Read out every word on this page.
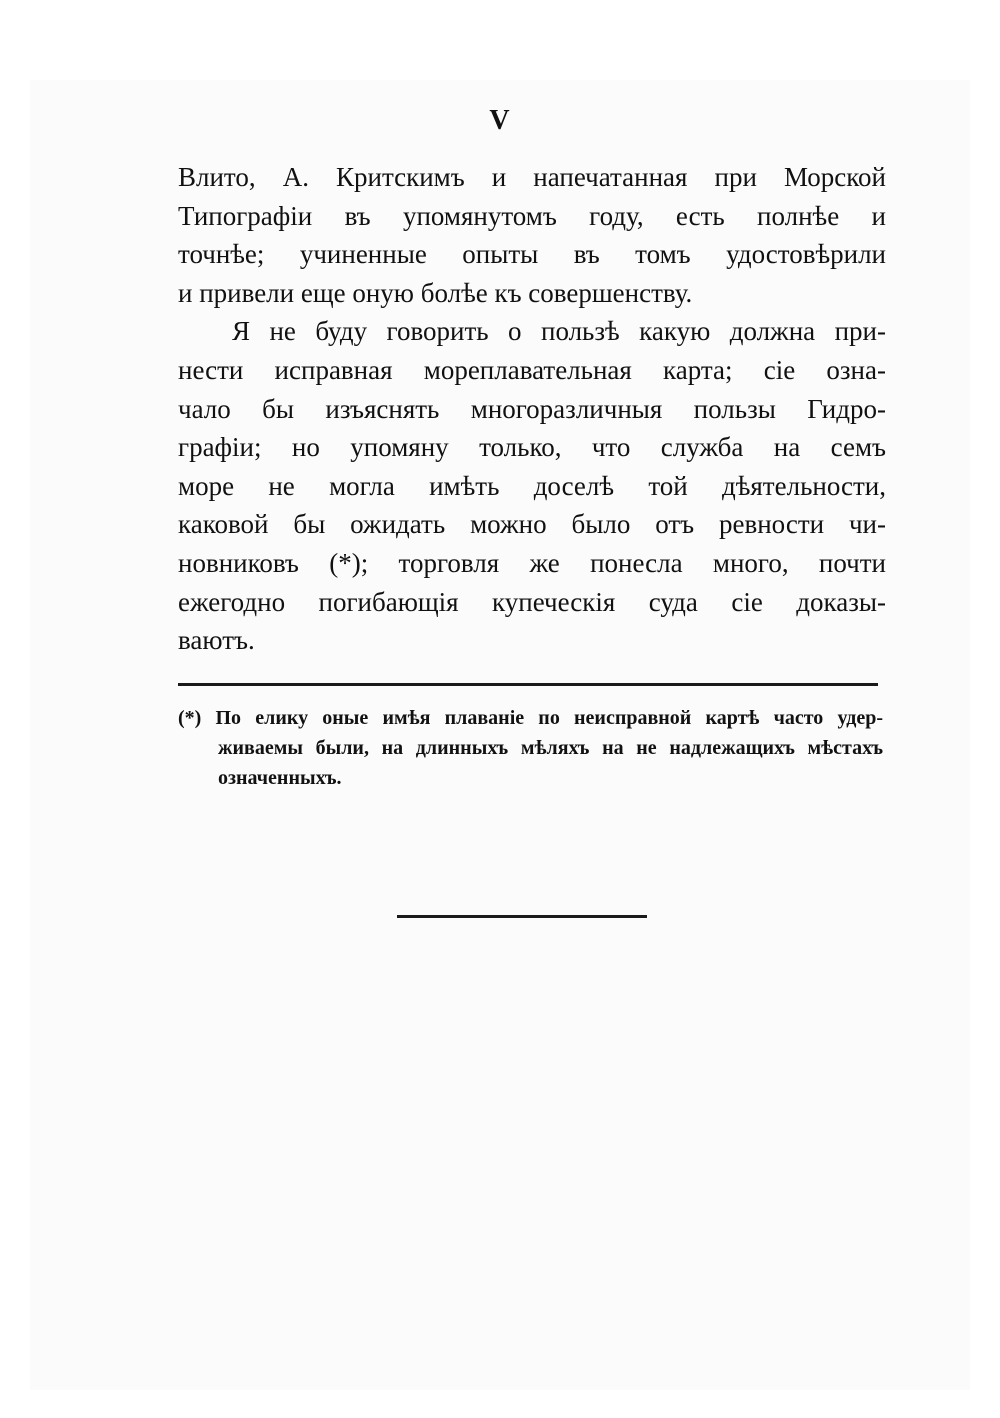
V
Влито, А. Критскимъ и напечатанная при Морской
Типографіи въ упомянутомъ году, есть полнѣе и
точнѣе; учиненные опыты въ томъ удостовѣрили
и привели еще оную болѣе къ совершенству.
Я не буду говорить о пользѣ какую должна при-
нести исправная мореплавательная карта; сіе озна-
чало бы изъяснять многоразличныя пользы Гидро-
графіи; но упомяну только, что служба на семъ
море не могла имѣть доселѣ той дѣятельности,
каковой бы ожидать можно было отъ ревности чи-
новниковъ (*); торговля же понесла много, почти
ежегодно погибающія купеческія суда сіе доказы-
ваютъ.
(*) По елику оные имѣя плаваніе по неисправной картѣ часто удер-
живаемы были, на длинныхъ мѣляхъ на не надлежащихъ мѣстахъ
означенныхъ.
